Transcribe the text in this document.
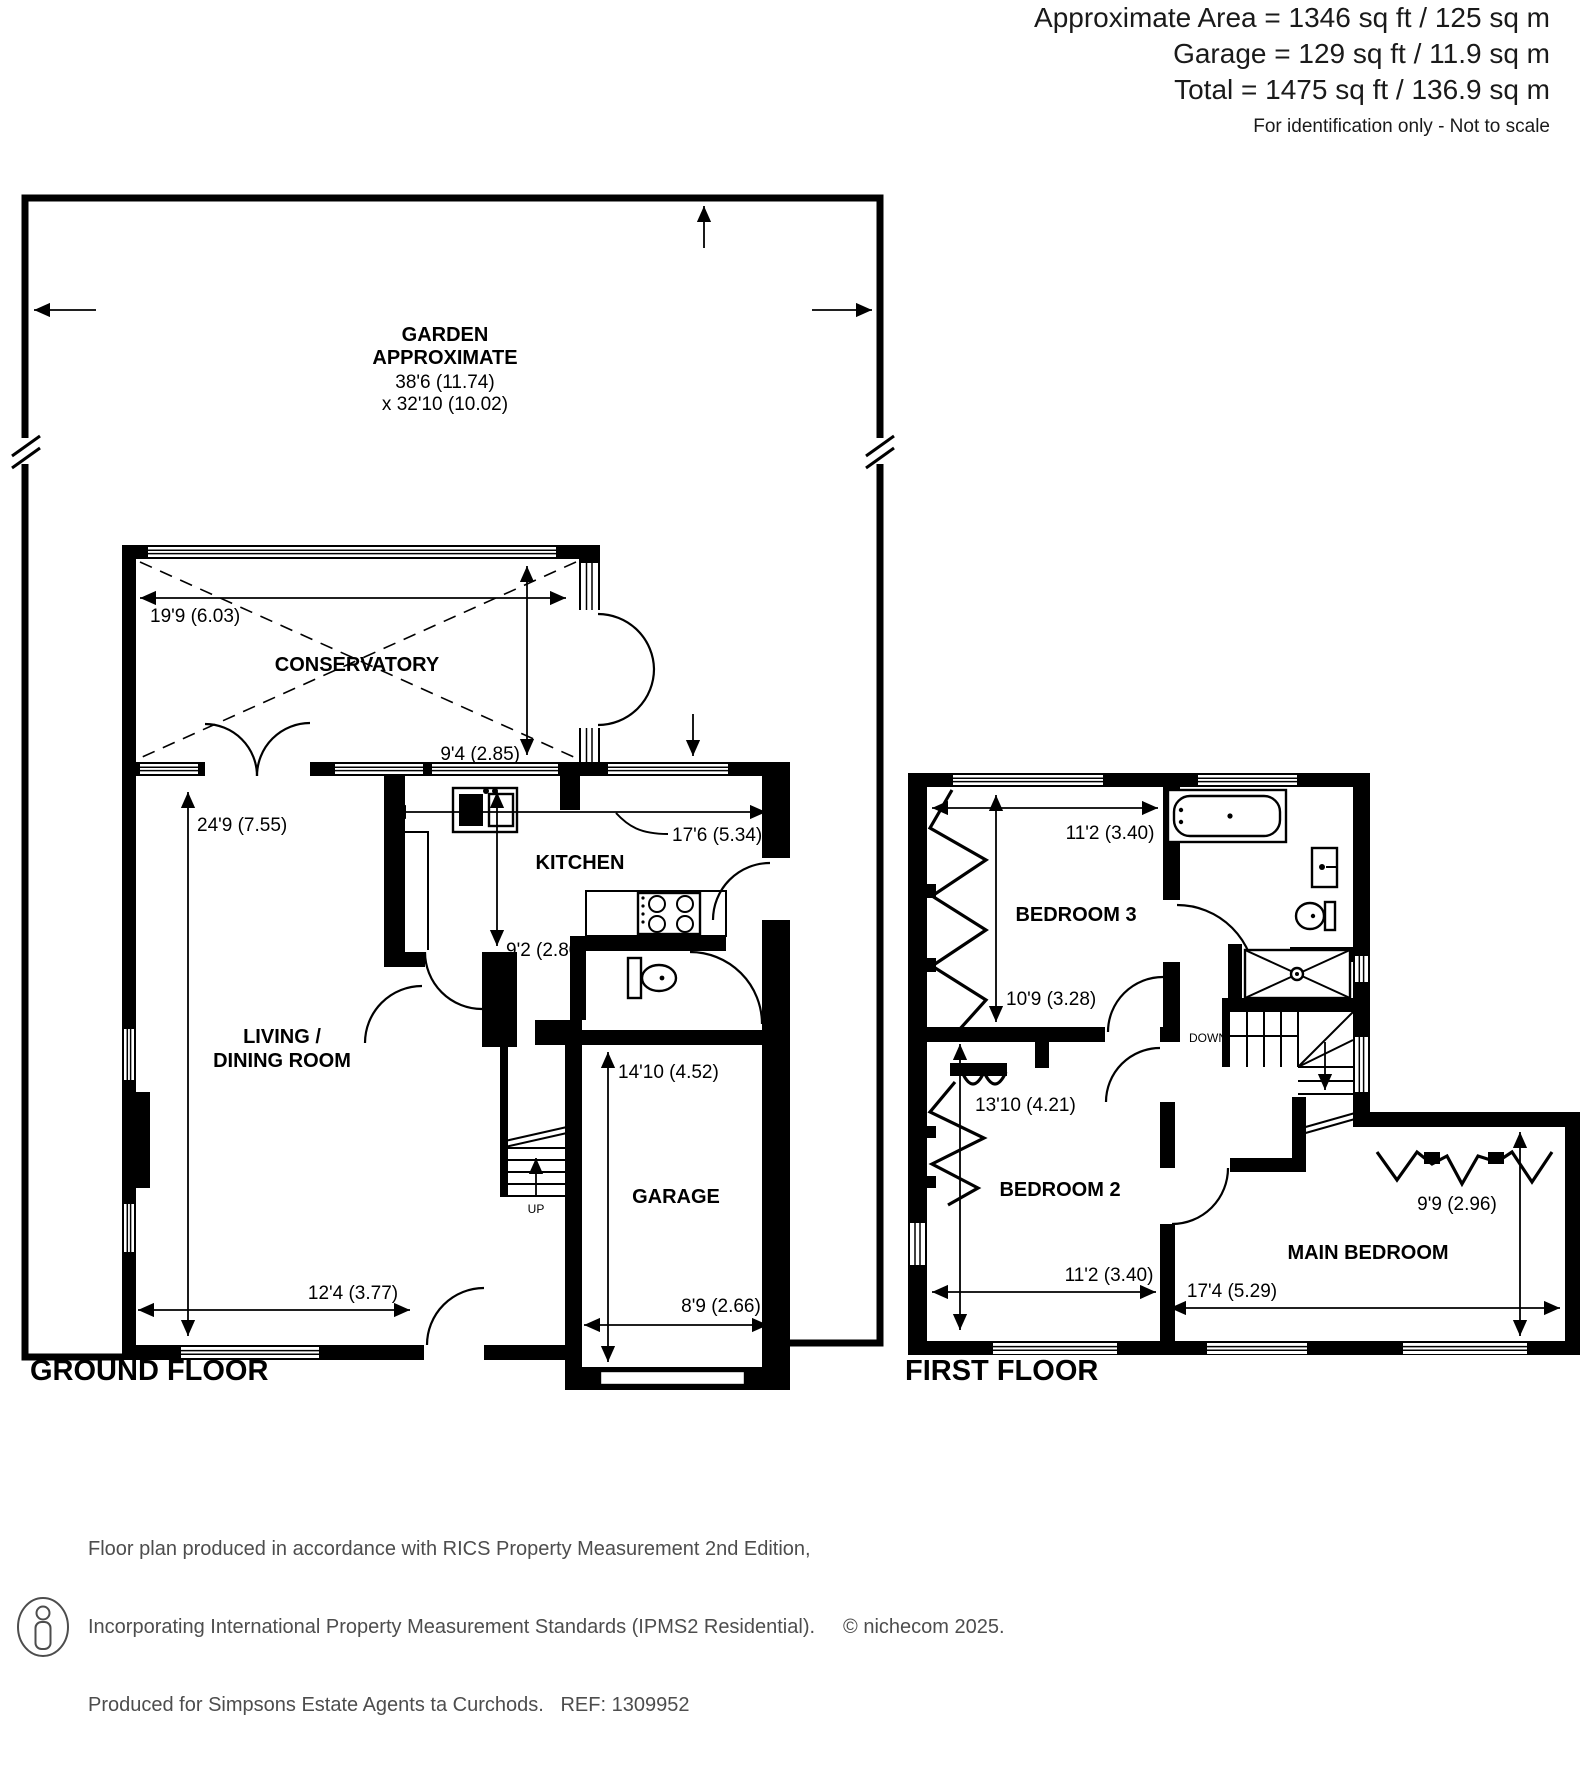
Approximate Area = 1346 sq ft / 125 sq m
Garage = 129 sq ft / 11.9 sq m
Total = 1475 sq ft / 136.9 sq m
For identification only - Not to scale
GARDEN
APPROXIMATE
38'6 (11.74)
x 32'10 (10.02)
UP
19'9 (6.03)
9'4 (2.85)
24'9 (7.55)
12'4 (3.77)
17'6 (5.34)
9'2 (2.80)
14'10 (4.52)
8'9 (2.66)
CONSERVATORY
LIVING /
DINING ROOM
KITCHEN
GARAGE
GROUND FLOOR
DOWN
11'2 (3.40)
10'9 (3.28)
13'10 (4.21)
11'2 (3.40)
17'4 (5.29)
9'9 (2.96)
BEDROOM 3
BEDROOM 2
MAIN BEDROOM
FIRST FLOOR

Floor plan produced in accordance with RICS Property Measurement 2nd Edition,

Incorporating International Property Measurement Standards (IPMS2 Residential). © nichecom 2025.

Produced for Simpsons Estate Agents ta Curchods.   REF: 1309952
